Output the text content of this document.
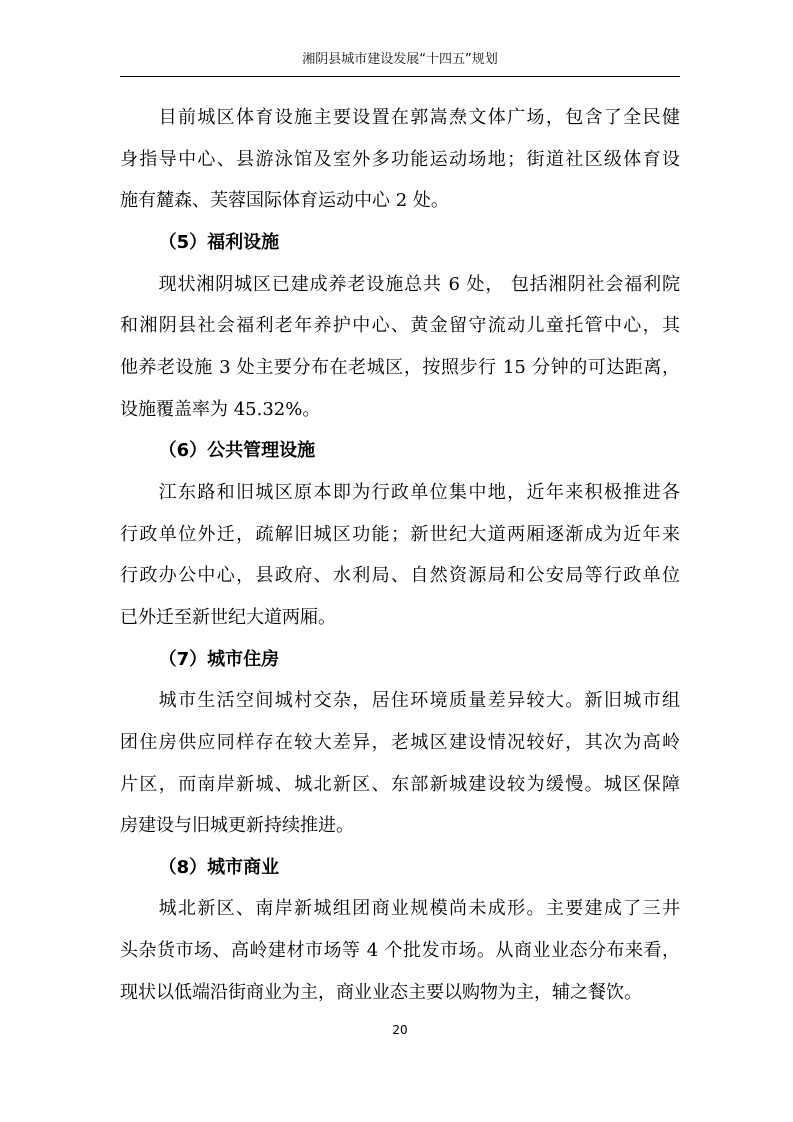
湘阴县城市建设发展“十四五”规划
目前城区体育设施主要设置在郭嵩焘文体广场，包含了全民健
身指导中心、县游泳馆及室外多功能运动场地；街道社区级体育设
施有麓森、芙蓉国际体育运动中心 2 处。
（5）福利设施
现状湘阴城区已建成养老设施总共 6 处， 包括湘阴社会福利院
和湘阴县社会福利老年养护中心、黄金留守流动儿童托管中心，其
他养老设施 3 处主要分布在老城区，按照步行 15 分钟的可达距离，
设施覆盖率为 45.32%。
（6）公共管理设施
江东路和旧城区原本即为行政单位集中地，近年来积极推进各
行政单位外迁，疏解旧城区功能；新世纪大道两厢逐渐成为近年来
行政办公中心，县政府、水利局、自然资源局和公安局等行政单位
已外迁至新世纪大道两厢。
（7）城市住房
城市生活空间城村交杂，居住环境质量差异较大。新旧城市组
团住房供应同样存在较大差异，老城区建设情况较好，其次为高岭
片区，而南岸新城、城北新区、东部新城建设较为缓慢。城区保障
房建设与旧城更新持续推进。
（8）城市商业
城北新区、南岸新城组团商业规模尚未成形。主要建成了三井
头杂货市场、高岭建材市场等 4 个批发市场。从商业业态分布来看，
现状以低端沿街商业为主，商业业态主要以购物为主，辅之餐饮。
20
